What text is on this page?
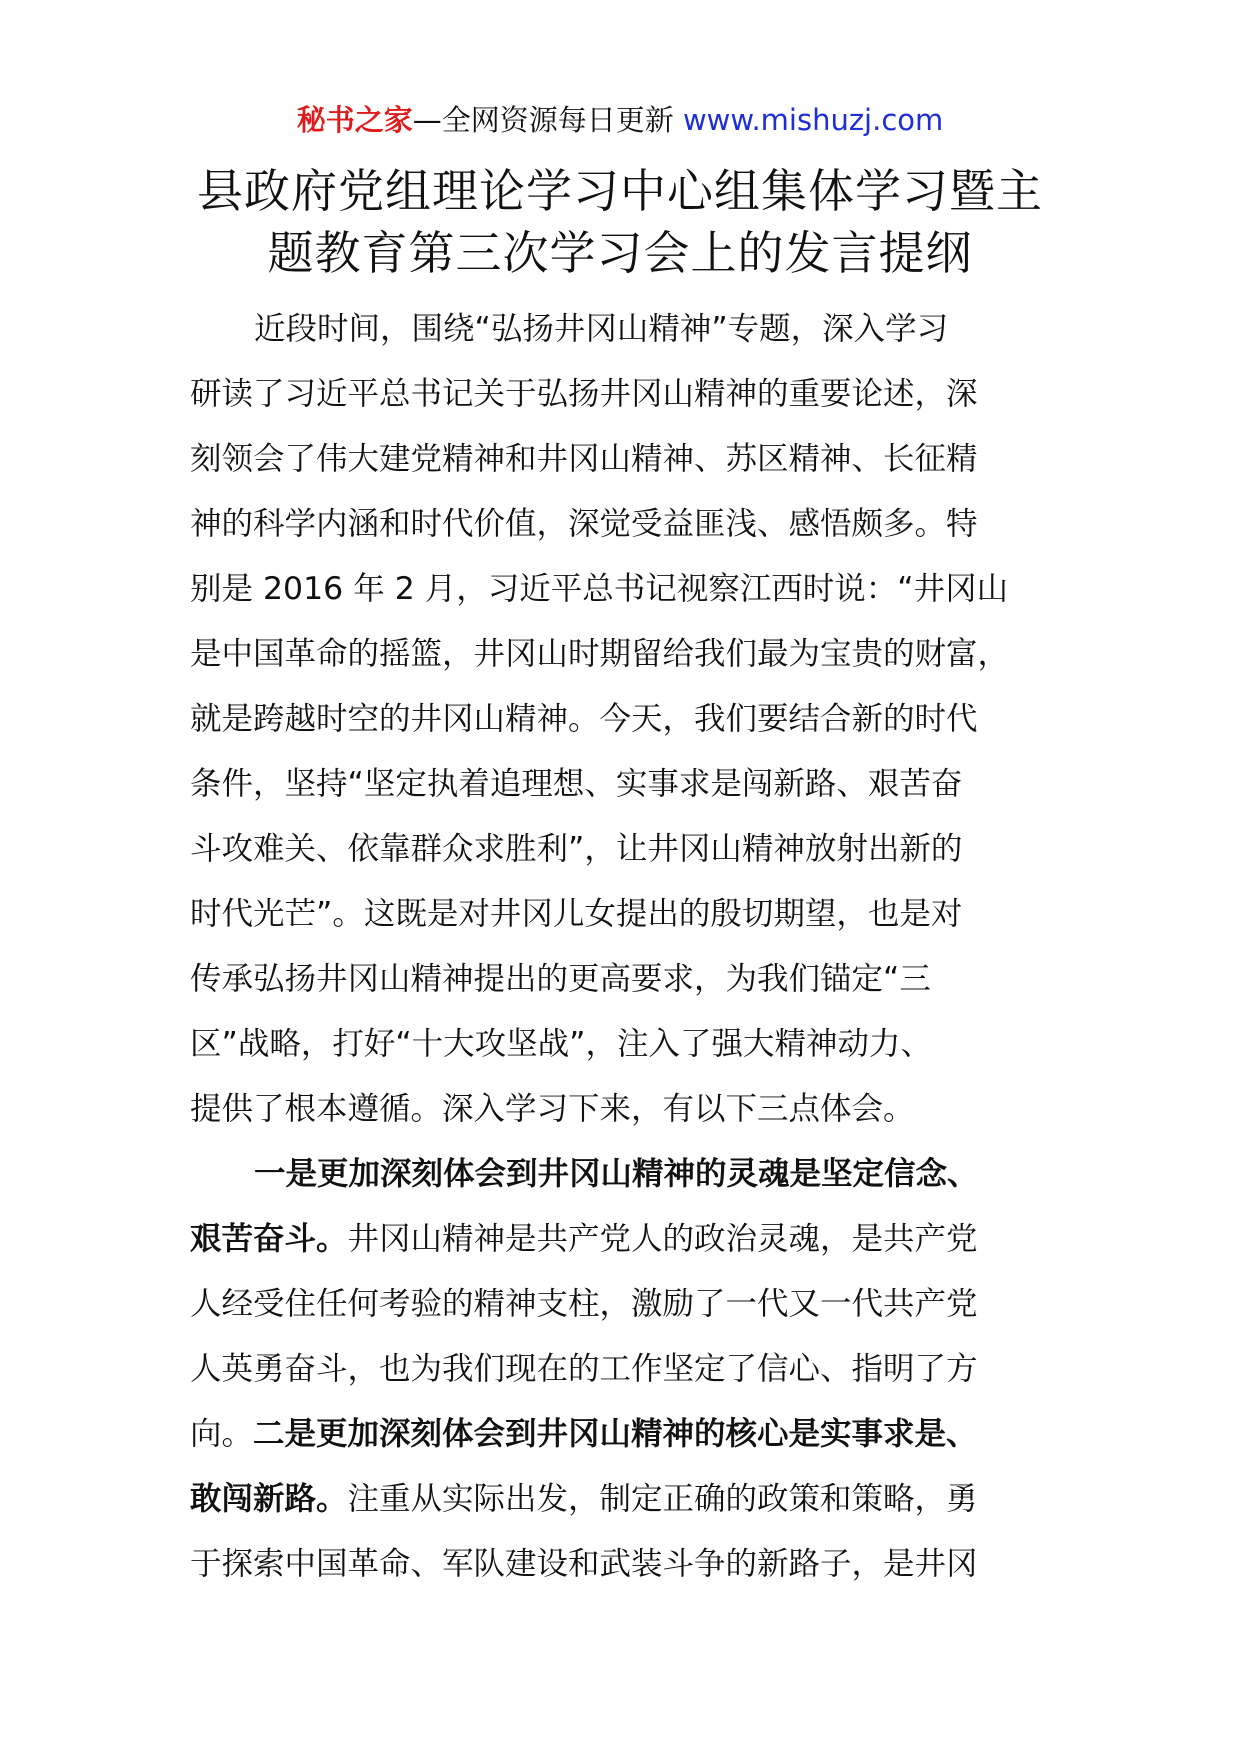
秘书之家—全网资源每日更新 www.mishuzj.com
县政府党组理论学习中心组集体学习暨主
题教育第三次学习会上的发言提纲
近段时间，围绕“弘扬井冈山精神”专题，深入学习
研读了习近平总书记关于弘扬井冈山精神的重要论述，深
刻领会了伟大建党精神和井冈山精神、苏区精神、长征精
神的科学内涵和时代价值，深觉受益匪浅、感悟颇多。特
别是 2016 年 2 月，习近平总书记视察江西时说：“井冈山
是中国革命的摇篮，井冈山时期留给我们最为宝贵的财富，
就是跨越时空的井冈山精神。今天，我们要结合新的时代
条件，坚持“坚定执着追理想、实事求是闯新路、艰苦奋
斗攻难关、依靠群众求胜利”，让井冈山精神放射出新的
时代光芒”。这既是对井冈儿女提出的殷切期望，也是对
传承弘扬井冈山精神提出的更高要求，为我们锚定“三
区”战略，打好“十大攻坚战”，注入了强大精神动力、
提供了根本遵循。深入学习下来，有以下三点体会。
一是更加深刻体会到井冈山精神的灵魂是坚定信念、
艰苦奋斗。井冈山精神是共产党人的政治灵魂，是共产党
人经受住任何考验的精神支柱，激励了一代又一代共产党
人英勇奋斗，也为我们现在的工作坚定了信心、指明了方
向。二是更加深刻体会到井冈山精神的核心是实事求是、
敢闯新路。注重从实际出发，制定正确的政策和策略，勇
于探索中国革命、军队建设和武装斗争的新路子，是井冈
